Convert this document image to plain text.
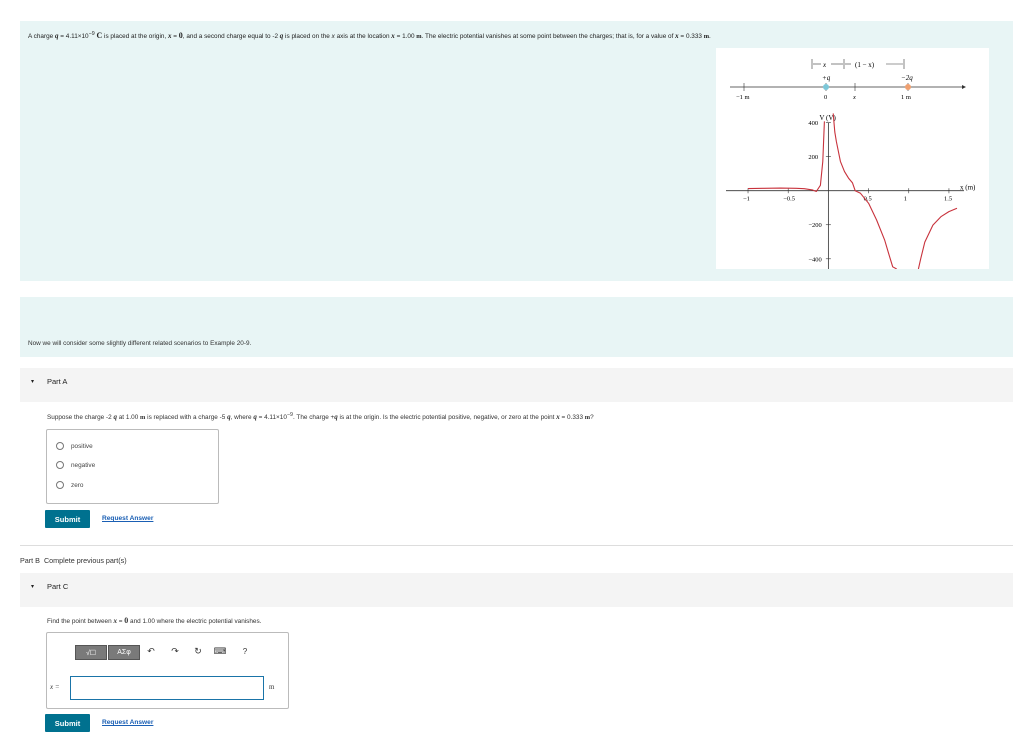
A charge $q = 4.11\times 10^{-9}$ C is placed at the origin, x = 0, and a second charge equal to -2 q is placed on the x axis at the location x = 1.00 m. The electric potential vanishes at some point between the charges; that is, for a value of x = 0.333 m.
+q	−2q
−1 m	0	x	1 m
x	(1 − x)
V (V)
x (m)
−1	−0.5	0.5	1	1.5
400
200
−200
−400
Now we will consider some slightly different related scenarios to Example 20-9.
▾ Part A
Suppose the charge -2 q at 1.00 m is replaced with a charge -5 q, where $q = 4.11\times 10^{-9}$. The charge +q is at the origin. Is the electric potential positive, negative, or zero at the point x = 0.333 m?
positive
negative
zero
Submit	Request Answer
Part B Complete previous part(s)
▾ Part C
Find the point between x = 0 and 1.00 where the electric potential vanishes.
√☐	ΑΣφ	↶	↷	↻	⌨	?
x =	m
Submit	Request Answer
